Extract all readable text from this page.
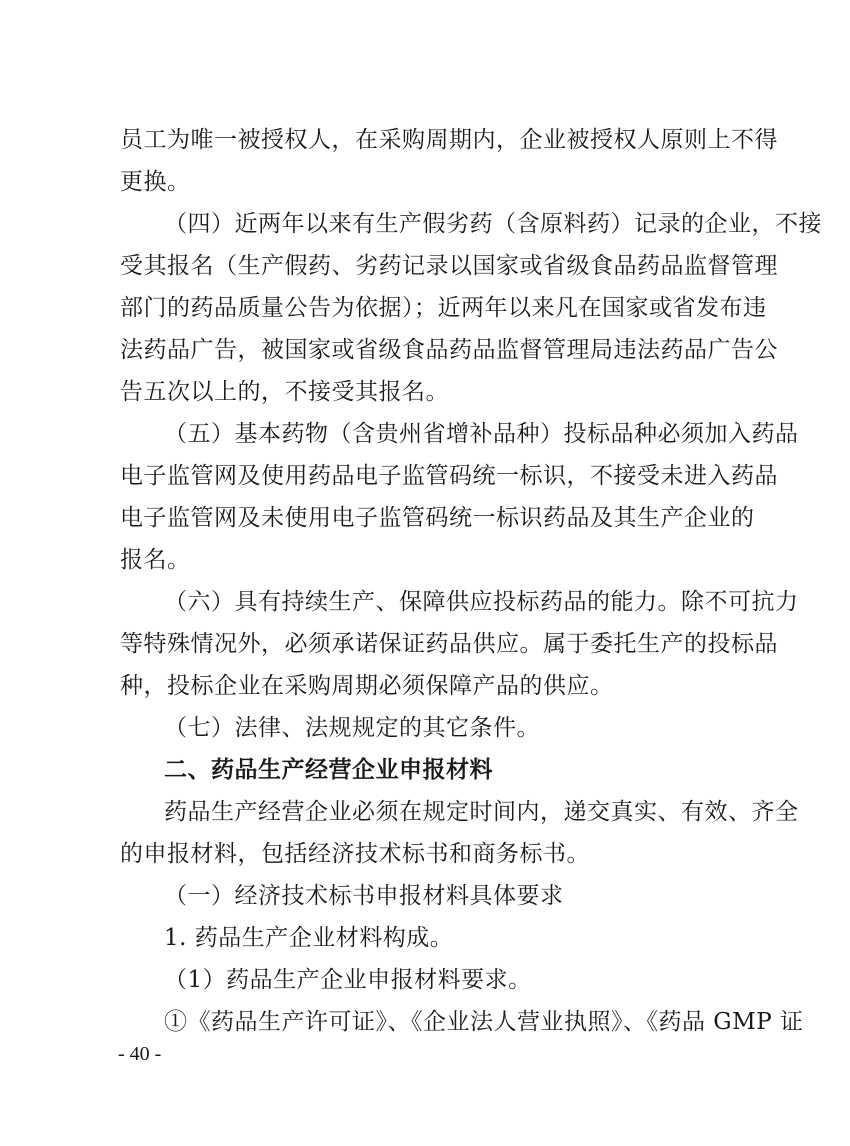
员工为唯一被授权人，在采购周期内，企业被授权人原则上不得
更换。
（四）近两年以来有生产假劣药（含原料药）记录的企业，不接
受其报名（生产假药、劣药记录以国家或省级食品药品监督管理
部门的药品质量公告为依据）；近两年以来凡在国家或省发布违
法药品广告，被国家或省级食品药品监督管理局违法药品广告公
告五次以上的，不接受其报名。
（五）基本药物（含贵州省增补品种）投标品种必须加入药品
电子监管网及使用药品电子监管码统一标识，不接受未进入药品
电子监管网及未使用电子监管码统一标识药品及其生产企业的
报名。
（六）具有持续生产、保障供应投标药品的能力。除不可抗力
等特殊情况外，必须承诺保证药品供应。属于委托生产的投标品
种，投标企业在采购周期必须保障产品的供应。
（七）法律、法规规定的其它条件。
二、药品生产经营企业申报材料
药品生产经营企业必须在规定时间内，递交真实、有效、齐全
的申报材料，包括经济技术标书和商务标书。
（一）经济技术标书申报材料具体要求
1. 药品生产企业材料构成。
（1）药品生产企业申报材料要求。
①《药品生产许可证》、《企业法人营业执照》、《药品 GMP 证
- 40 -
